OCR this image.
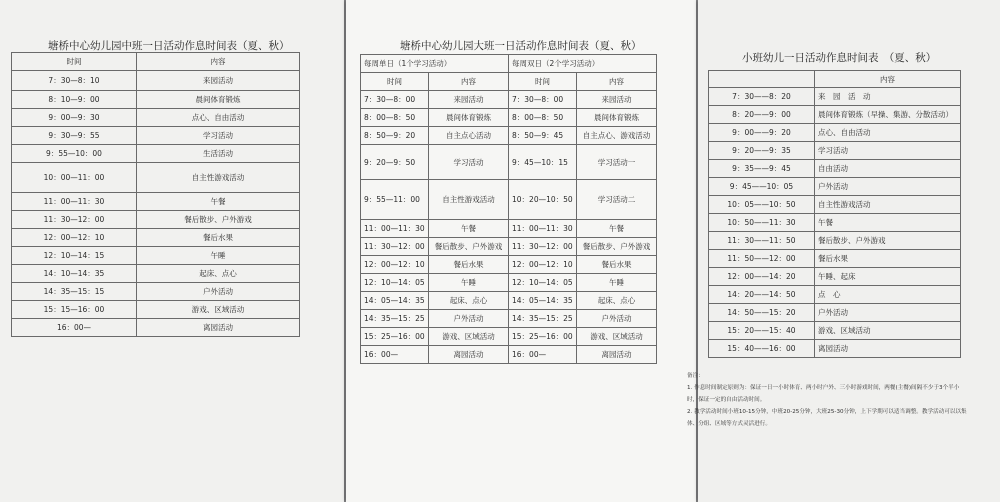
塘桥中心幼儿园中班一日活动作息时间表（夏、秋）
时间	内容
7：30—8：10	来园活动
8：10—9：00	晨间体育锻炼
9：00—9：30	点心、自由活动
9：30—9：55	学习活动
9：55—10：00	生活活动
10：00—11：00	自主性游戏活动
11：00—11：30	午餐
11：30—12：00	餐后散步、户外游戏
12：00—12：10	餐后水果
12：10—14：15	午睡
14：10—14：35	起床、点心
14：35—15：15	户外活动
15：15—16：00	游戏、区域活动
16：00—	离园活动
塘桥中心幼儿园大班一日活动作息时间表（夏、秋）
每周单日（1个学习活动）		每周双日（2个学习活动）	
时间	内容	时间	内容
7：30—8：00	来园活动	7：30—8：00	来园活动
8：00—8：50	晨间体育锻炼	8：00—8：50	晨间体育锻炼
8：50—9：20	自主点心活动	8：50—9：45	自主点心、游戏活动
9：20—9：50	学习活动	9：45—10：15	学习活动一
9：55—11：00	自主性游戏活动	10：20—10：50	学习活动二
11：00—11：30	午餐	11：00—11：30	午餐
11：30—12：00	餐后散步、户外游戏	11：30—12：00	餐后散步、户外游戏
12：00—12：10	餐后水果	12：00—12：10	餐后水果
12：10—14：05	午睡	12：10—14：05	午睡
14：05—14：35	起床、点心	14：05—14：35	起床、点心
14：35—15：25	户外活动	14：35—15：25	户外活动
15：25—16：00	游戏、区域活动	15：25—16：00	游戏、区域活动
16：00—	离园活动	16：00—	离园活动
小班幼儿一日活动作息时间表　（夏、秋）
	内容
7：30——8：20	来　园　活　动
8：20——9：00	晨间体育锻炼（早操、集游、分散活动）
9：00——9：20	点心、自由活动
9：20——9：35	学习活动
9：35——9：45	自由活动
9：45——10：05	户外活动
10：05——10：50	自主性游戏活动
10：50——11：30	午餐
11：30——11：50	餐后散步、户外游戏
11：50——12：00	餐后水果
12：00——14：20	午睡、起床
14：20——14：50	点　心
14：50——15：20	户外活动
15：20——15：40	游戏、区域活动
15：40——16：00	离园活动
备注：
1. 作息时间制定原则为：保证一日一小时体育、两小时户外、三小时游戏时间，两餐(主餐)间隔不少于3个半小时，保证一定的自由活动时间。
2. 教学活动时间小班10-15分钟，中班20-25分钟，大班25-30分钟，上下学期可以适当调整。教学活动可以以集体、分组、区域等方式灵活进行。
